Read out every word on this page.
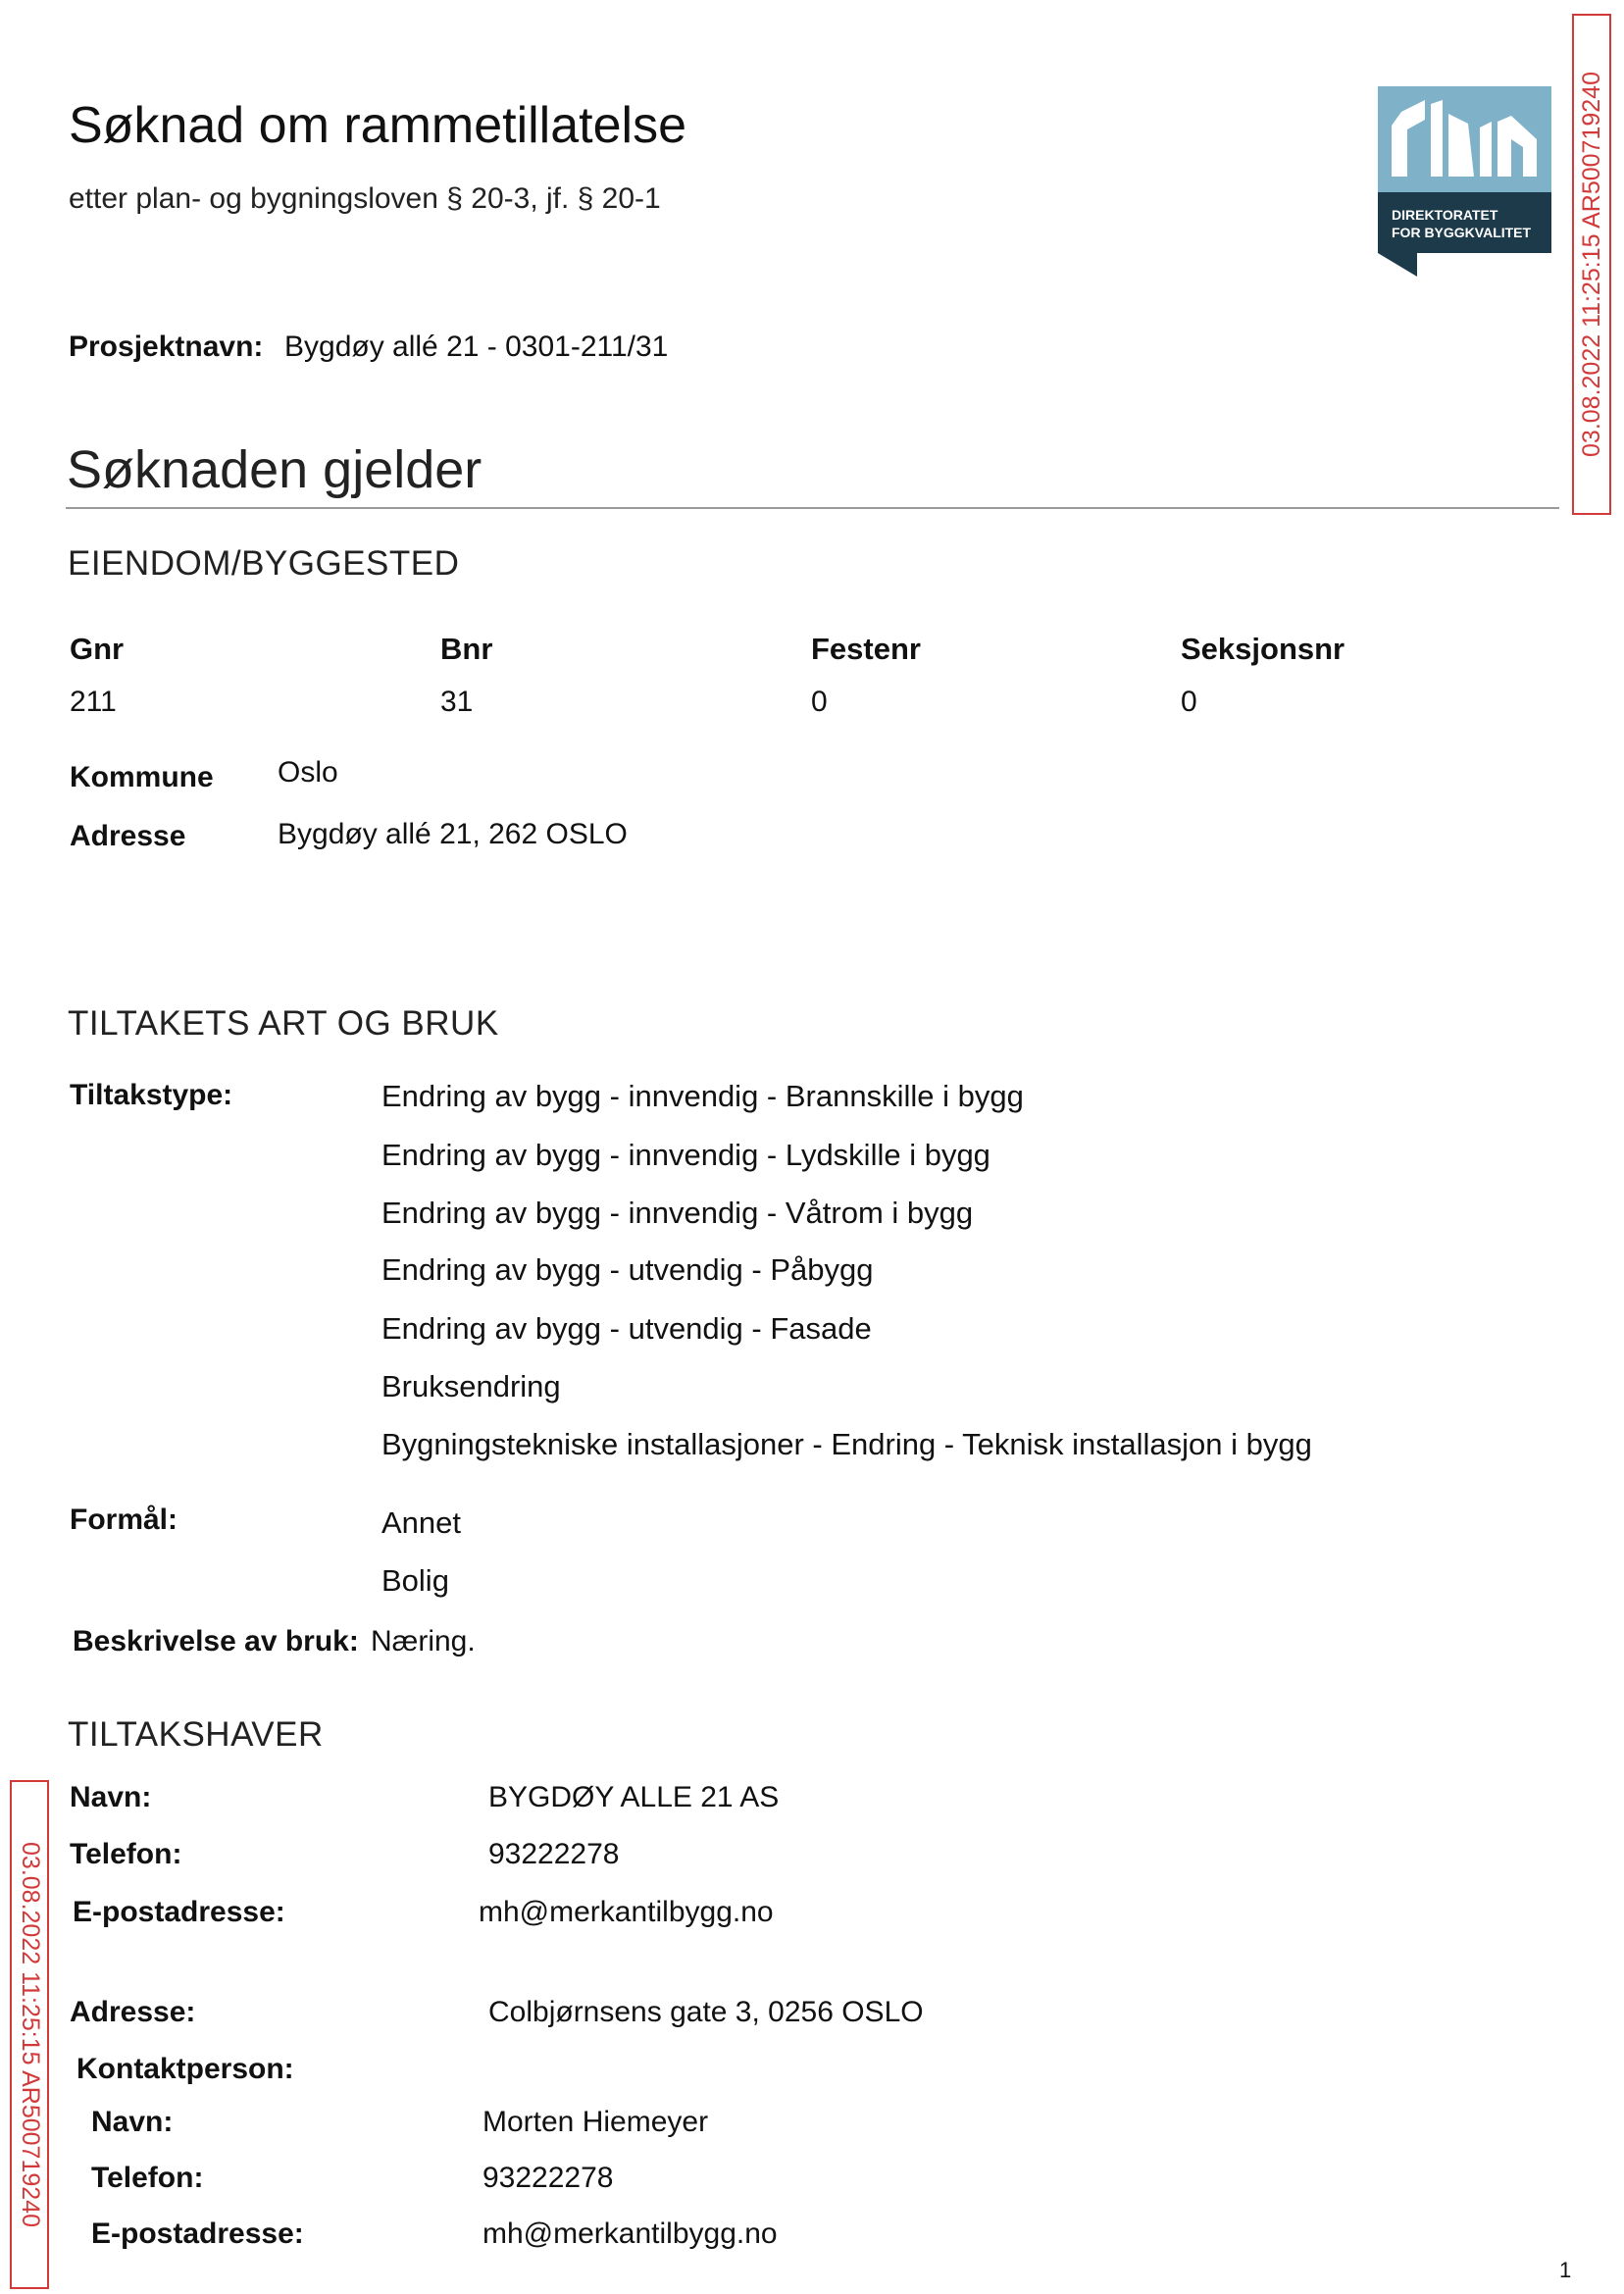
Søknad om rammetillatelse
etter plan- og bygningsloven § 20-3, jf. § 20-1	DIREKTORATET
FOR BYGGKVALITET 03.08.2022 11:25:15 AR500719240
03.08.2022 11:25:15 AR500719240
Prosjektnavn: Bygdøy allé 21 - 0301-211/31
Søknaden gjelder
EIENDOM/BYGGESTED
Gnr	Bnr	Festenr	Seksjonsnr
211	31	0	0
Kommune Oslo
Adresse	Bygdøy allé 21, 262 OSLO
TILTAKETS ART OG BRUK
Tiltakstype:	Endring av bygg - innvendig - Brannskille i bygg
Endring av bygg - innvendig - Lydskille i bygg
Endring av bygg - innvendig - Våtrom i bygg
Endring av bygg - utvendig - Påbygg
Endring av bygg - utvendig - Fasade
Bruksendring
Bygningstekniske installasjoner - Endring - Teknisk installasjon i bygg
Formål:	Annet
Bolig
Beskrivelse av bruk: Næring.
TILTAKSHAVER
Navn:	BYGDØY ALLE 21 AS
Telefon:	93222278
E-postadresse:	mh@merkantilbygg.no
Adresse:	Colbjørnsens gate 3, 0256 OSLO
Kontaktperson:
Navn:	Morten Hiemeyer
Telefon:	93222278
E-postadresse:	mh@merkantilbygg.no
1
